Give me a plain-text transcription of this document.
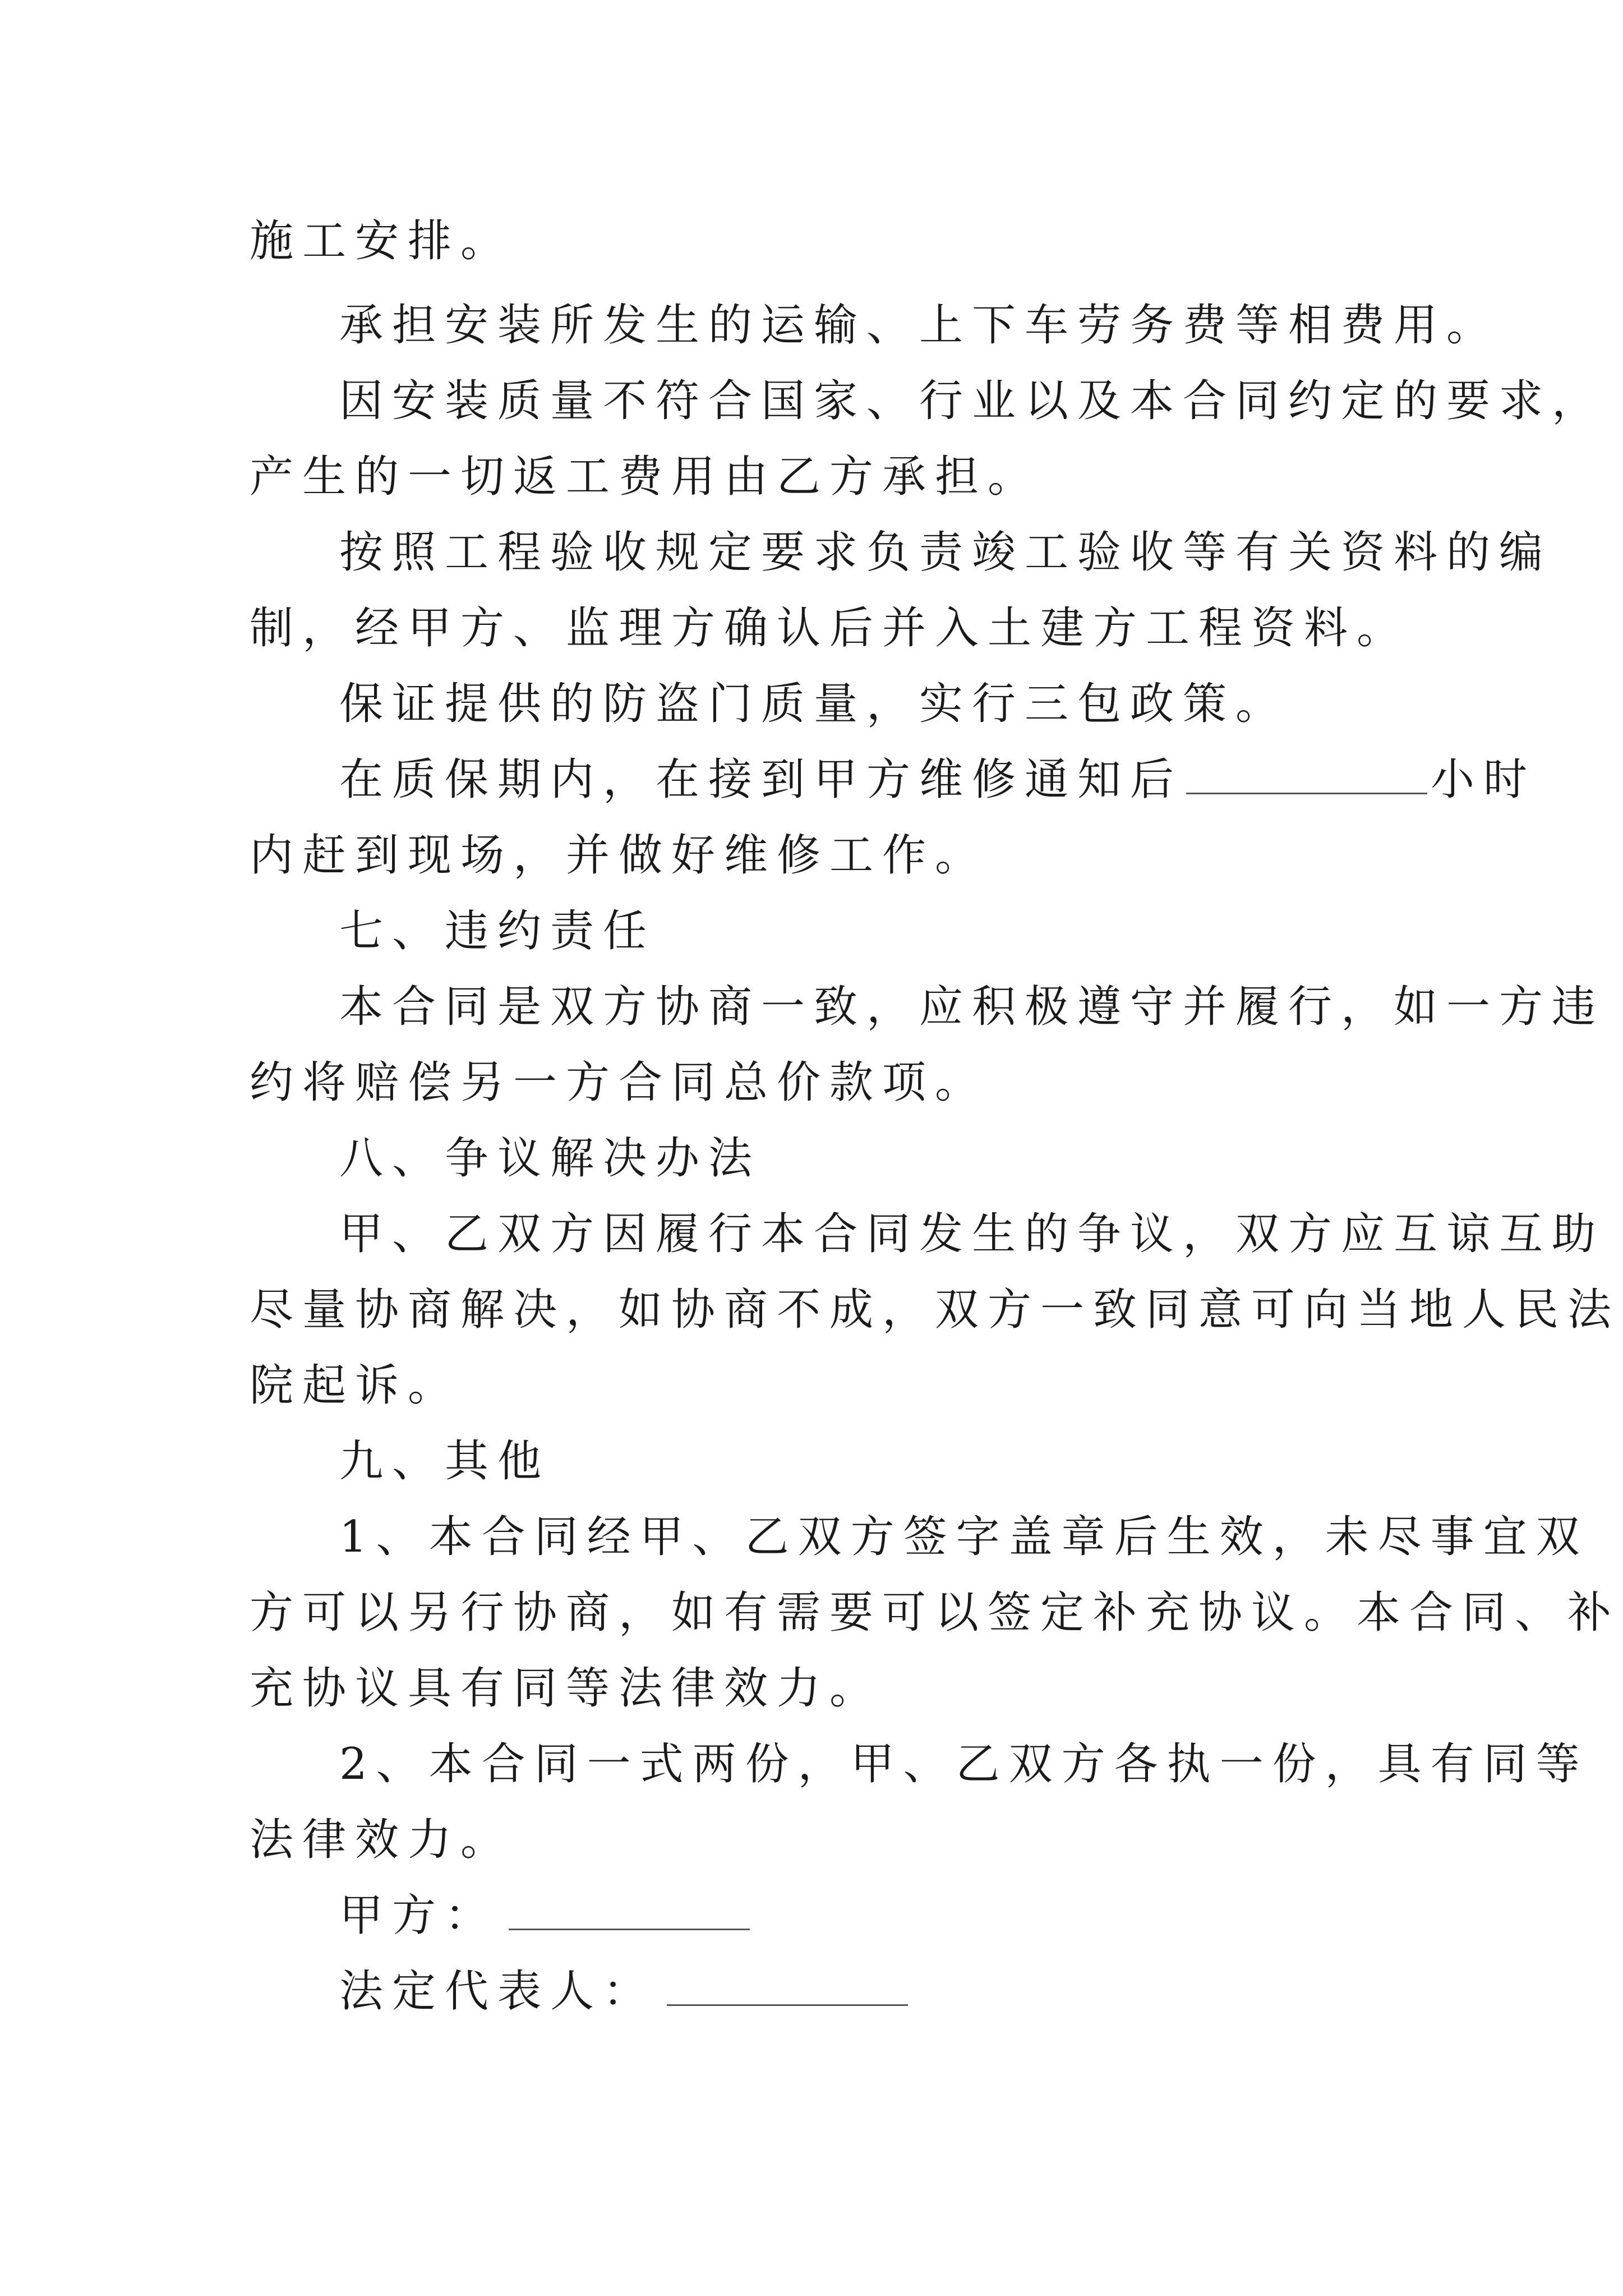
施工安排。
承担安装所发生的运输、上下车劳务费等相费用。
因安装质量不符合国家、行业以及本合同约定的要求，
产生的一切返工费用由乙方承担。
按照工程验收规定要求负责竣工验收等有关资料的编
制，经甲方、监理方确认后并入土建方工程资料。
保证提供的防盗门质量，实行三包政策。
在质保期内，在接到甲方维修通知后	小时
内赶到现场，并做好维修工作。
七、违约责任
本合同是双方协商一致，应积极遵守并履行，如一方违
约将赔偿另一方合同总价款项。
八、争议解决办法
甲、乙双方因履行本合同发生的争议，双方应互谅互助
尽量协商解决，如协商不成，双方一致同意可向当地人民法
院起诉。
九、其他
1、本合同经甲、乙双方签字盖章后生效，未尽事宜双
方可以另行协商，如有需要可以签定补充协议。本合同、补
充协议具有同等法律效力。
2、本合同一式两份，甲、乙双方各执一份，具有同等
法律效力。
甲方：
法定代表人：
